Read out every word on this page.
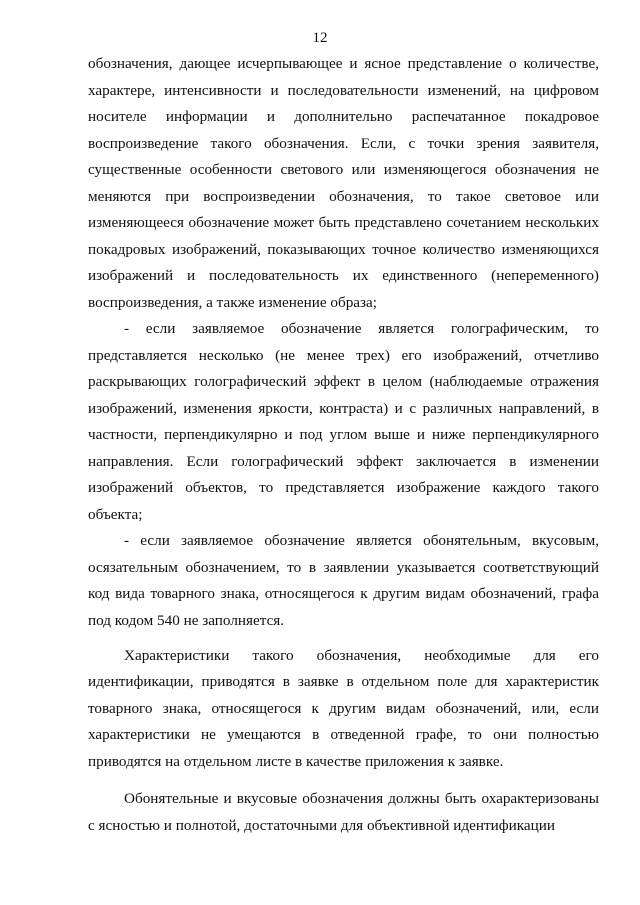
12

обозначения, дающее исчерпывающее и ясное представление о количестве, характере, интенсивности и последовательности изменений, на цифровом носителе информации и дополнительно распечатанное покадровое воспроизведение такого обозначения. Если, с точки зрения заявителя, существенные особенности светового или изменяющегося обозначения не меняются при воспроизведении обозначения, то такое световое или изменяющееся обозначение может быть представлено сочетанием нескольких покадровых изображений, показывающих точное количество изменяющихся изображений и последовательность их единственного (непеременного) воспроизведения, а также изменение образа;

- если заявляемое обозначение является голографическим, то представляется несколько (не менее трех) его изображений, отчетливо раскрывающих голографический эффект в целом (наблюдаемые отражения изображений, изменения яркости, контраста) и с различных направлений, в частности, перпендикулярно и под углом выше и ниже перпендикулярного направления. Если голографический эффект заключается в изменении изображений объектов, то представляется изображение каждого такого объекта;

- если заявляемое обозначение является обонятельным, вкусовым, осязательным обозначением, то в заявлении указывается соответствующий код вида товарного знака, относящегося к другим видам обозначений, графа под кодом 540 не заполняется.

Характеристики такого обозначения, необходимые для его идентификации, приводятся в заявке в отдельном поле для характеристик товарного знака, относящегося к другим видам обозначений, или, если характеристики не умещаются в отведенной графе, то они полностью приводятся на отдельном листе в качестве приложения к заявке.

Обонятельные и вкусовые обозначения должны быть охарактеризованы с ясностью и полнотой, достаточными для объективной идентификации
